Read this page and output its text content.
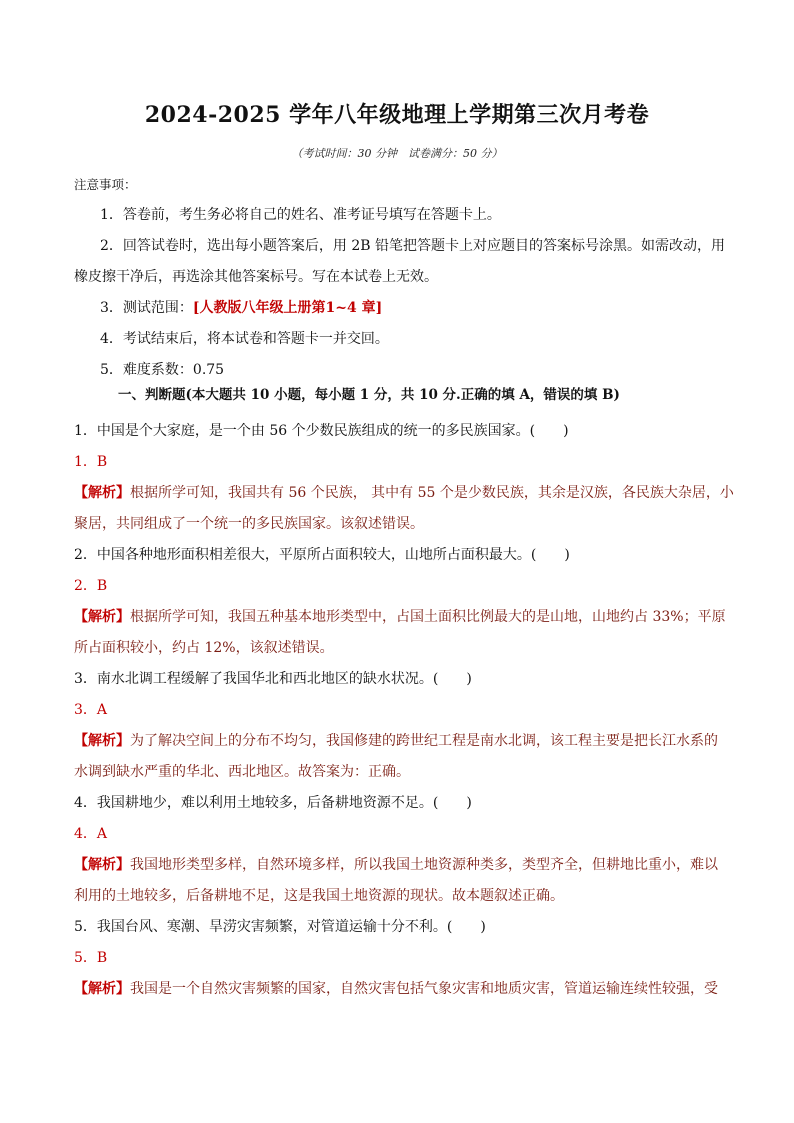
2024-2025 学年八年级地理上学期第三次月考卷
（考试时间：30 分钟　试卷满分：50 分）
注意事项：
1．答卷前，考生务必将自己的姓名、准考证号填写在答题卡上。
2．回答试卷时，选出每小题答案后，用 2B 铅笔把答题卡上对应题目的答案标号涂黑。如需改动，用
橡皮擦干净后，再选涂其他答案标号。写在本试卷上无效。
3．测试范围：[人教版八年级上册第1~4 章]
4．考试结束后，将本试卷和答题卡一并交回。
5．难度系数：0.75
一、判断题(本大题共 10 小题，每小题 1 分，共 10 分.正确的填 A，错误的填 B)
1．中国是个大家庭，是一个由 56 个少数民族组成的统一的多民族国家。(　　)
1．B
【解析】根据所学可知，我国共有 56 个民族， 其中有 55 个是少数民族，其余是汉族，各民族大杂居，小
聚居，共同组成了一个统一的多民族国家。该叙述错误。
2．中国各种地形面积相差很大，平原所占面积较大，山地所占面积最大。(　　)
2．B
【解析】根据所学可知，我国五种基本地形类型中，占国土面积比例最大的是山地，山地约占 33%；平原
所占面积较小，约占 12%，该叙述错误。
3．南水北调工程缓解了我国华北和西北地区的缺水状况。(　　)
3．A
【解析】为了解决空间上的分布不均匀，我国修建的跨世纪工程是南水北调，该工程主要是把长江水系的
水调到缺水严重的华北、西北地区。故答案为：正确。
4．我国耕地少，难以利用土地较多，后备耕地资源不足。(　　)
4．A
【解析】我国地形类型多样，自然环境多样，所以我国土地资源种类多，类型齐全，但耕地比重小，难以
利用的土地较多，后备耕地不足，这是我国土地资源的现状。故本题叙述正确。
5．我国台风、寒潮、旱涝灾害频繁，对管道运输十分不利。(　　)
5．B
【解析】我国是一个自然灾害频繁的国家，自然灾害包括气象灾害和地质灾害，管道运输连续性较强，受
